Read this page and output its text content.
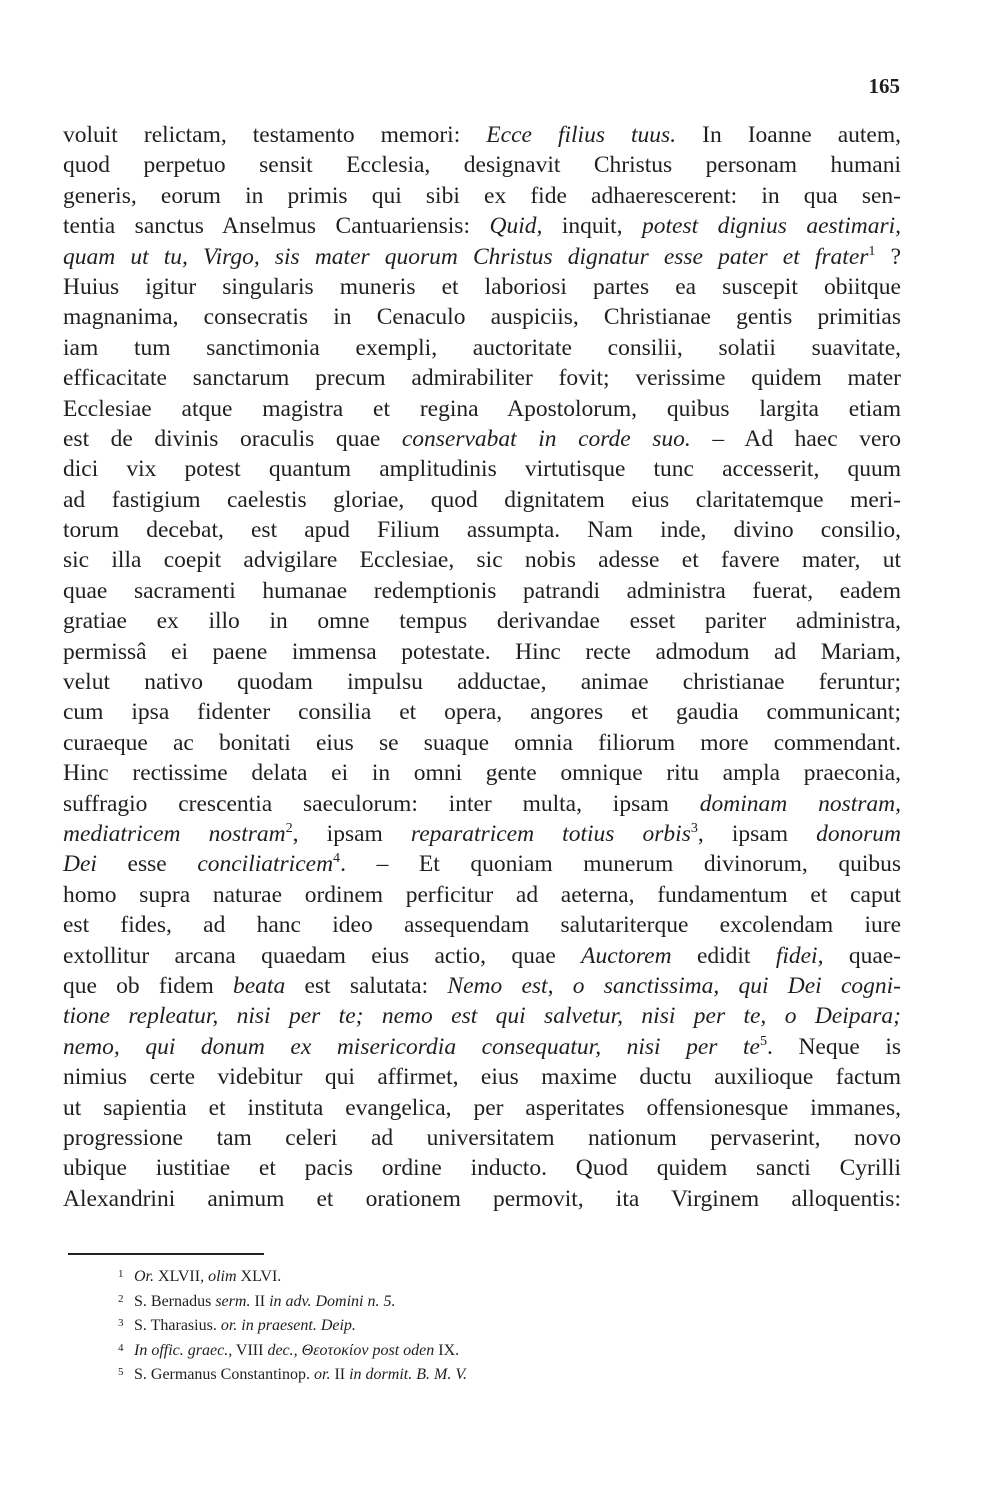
165
voluit relictam, testamento memori: Ecce filius tuus. In Ioanne autem,
quod perpetuo sensit Ecclesia, designavit Christus personam humani
generis, eorum in primis qui sibi ex fide adhaerescerent: in qua sen-
tentia sanctus Anselmus Cantuariensis: Quid, inquit, potest dignius aestimari,
quam ut tu, Virgo, sis mater quorum Christus dignatur esse pater et frater$^1$ ?
Huius igitur singularis muneris et laboriosi partes ea suscepit obiitque
magnanima, consecratis in Cenaculo auspiciis, Christianae gentis primitias
iam tum sanctimonia exempli, auctoritate consilii, solatii suavitate,
efficacitate sanctarum precum admirabiliter fovit; verissime quidem mater
Ecclesiae atque magistra et regina Apostolorum, quibus largita etiam
est de divinis oraculis quae conservabat in corde suo. – Ad haec vero
dici vix potest quantum amplitudinis virtutisque tunc accesserit, quum
ad fastigium caelestis gloriae, quod dignitatem eius claritatemque meri-
torum decebat, est apud Filium assumpta. Nam inde, divino consilio,
sic illa coepit advigilare Ecclesiae, sic nobis adesse et favere mater, ut
quae sacramenti humanae redemptionis patrandi administra fuerat, eadem
gratiae ex illo in omne tempus derivandae esset pariter administra,
permissâ ei paene immensa potestate. Hinc recte admodum ad Mariam,
velut nativo quodam impulsu adductae, animae christianae feruntur;
cum ipsa fidenter consilia et opera, angores et gaudia communicant;
curaeque ac bonitati eius se suaque omnia filiorum more commendant.
Hinc rectissime delata ei in omni gente omnique ritu ampla praeconia,
suffragio crescentia saeculorum: inter multa, ipsam dominam nostram,
mediatricem nostram$^2$, ipsam reparatricem totius orbis$^3$, ipsam donorum
Dei esse conciliatricem$^4$. – Et quoniam munerum divinorum, quibus
homo supra naturae ordinem perficitur ad aeterna, fundamentum et caput
est fides, ad hanc ideo assequendam salutariterque excolendam iure
extollitur arcana quaedam eius actio, quae Auctorem edidit fidei, quae-
que ob fidem beata est salutata: Nemo est, o sanctissima, qui Dei cogni-
tione repleatur, nisi per te; nemo est qui salvetur, nisi per te, o Deipara;
nemo, qui donum ex misericordia consequatur, nisi per $te^5$. Neque is
nimius certe videbitur qui affirmet, eius maxime ductu auxilioque factum
ut sapientia et instituta evangelica, per asperitates offensionesque immanes,
progressione tam celeri ad universitatem nationum pervaserint, novo
ubique iustitiae et pacis ordine inducto. Quod quidem sancti Cyrilli
Alexandrini animum et orationem permovit, ita Virginem alloquentis:
1 Or. XLVII, olim XLVI.
2 S. Bernadus serm. II in adv. Domini n. 5.
3 S. Tharasius. or. in praesent. Deip.
4 In offic. graec., VIII dec., Θεοτοκίον post oden IX.
5 S. Germanus Constantinop. or. II in dormit. B. M. V.
